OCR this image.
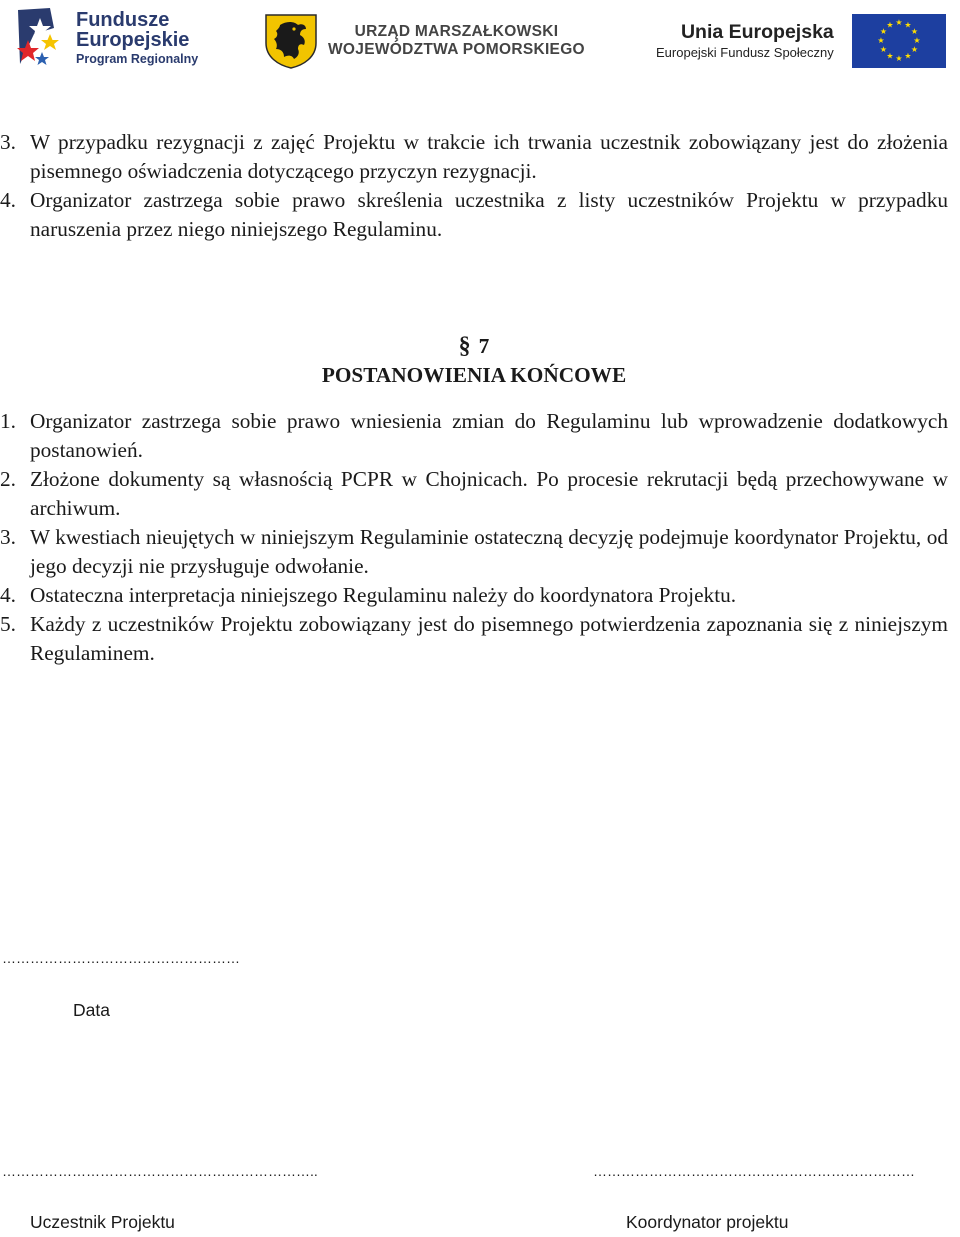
Fundusze
Europejskie
Program Regionalny
URZĄD MARSZAŁKOWSKI
WOJEWÓDZTWA POMORSKIEGO
Unia Europejska
Europejski Fundusz Społeczny
★ ★
★
★
★
★
★
★
★
★
★
★
3. W przypadku rezygnacji z zajęć Projektu w trakcie ich trwania uczestnik zobowiązany jest do złożenia pisemnego oświadczenia dotyczącego przyczyn rezygnacji.
4. Organizator zastrzega sobie prawo skreślenia uczestnika z listy uczestników Projektu w przypadku naruszenia przez niego niniejszego Regulaminu.
§ 7
POSTANOWIENIA KOŃCOWE
1. Organizator zastrzega sobie prawo wniesienia zmian do Regulaminu lub wprowadzenie dodatkowych postanowień.
2. Złożone dokumenty są własnością PCPR w Chojnicach. Po procesie rekrutacji będą przechowywane w archiwum.
3. W kwestiach nieujętych w niniejszym Regulaminie ostateczną decyzję podejmuje koordynator Projektu, od jego decyzji nie przysługuje odwołanie.
4. Ostateczna interpretacja niniejszego Regulaminu należy do koordynatora Projektu.
5. Każdy z uczestników Projektu zobowiązany jest do pisemnego potwierdzenia zapoznania się z niniejszym Regulaminem.
……………………………………………
Data
…………………………………………………………..
Uczestnik Projektu
……………………………………………………………
Koordynator projektu
